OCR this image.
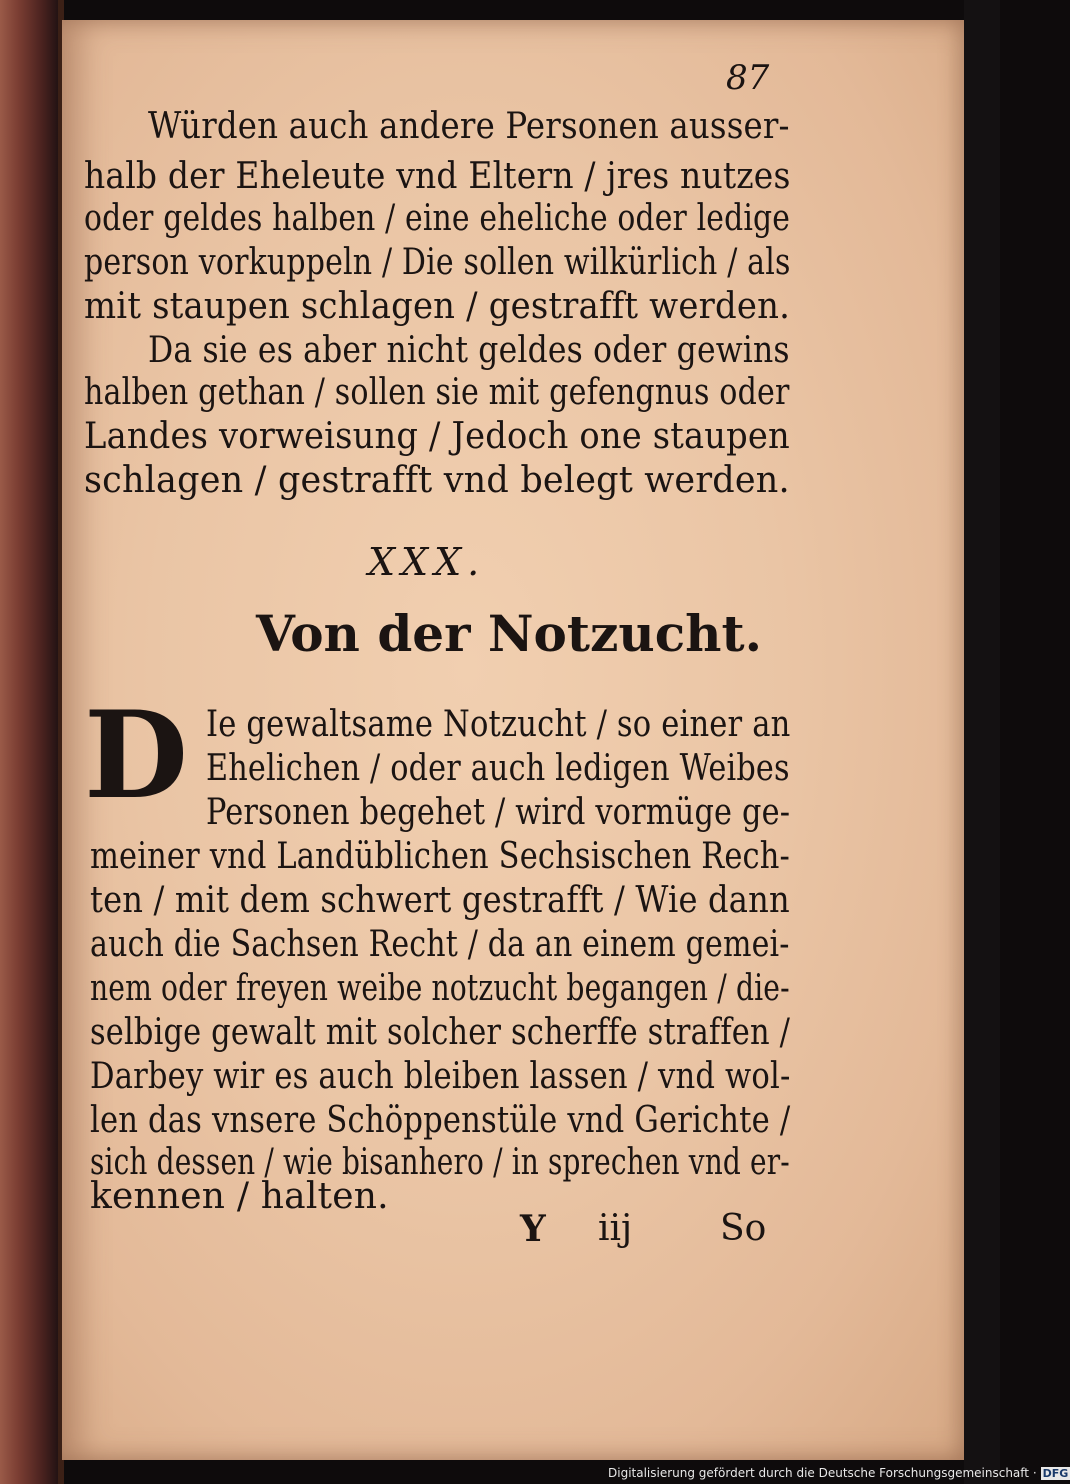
87
Würden auch andere Personen ausser-
halb der Eheleute vnd Eltern / jres nutzes
oder geldes halben / eine eheliche oder ledige
person vorkuppeln / Die sollen wilkürlich / als
mit staupen schlagen / gestrafft werden.
Da sie es aber nicht geldes oder gewins
halben gethan / sollen sie mit gefengnus oder
Landes vorweisung / Jedoch one staupen
schlagen / gestrafft vnd belegt werden.
XXX.
Von der Notzucht.
D Ie gewaltsame Notzucht / so einer an
Ehelichen / oder auch ledigen Weibes
Personen begehet / wird vormüge ge-
meiner vnd Landüblichen Sechsischen Rech-
ten / mit dem schwert gestrafft / Wie dann
auch die Sachsen Recht / da an einem gemei-
nem oder freyen weibe notzucht begangen / die-
selbige gewalt mit solcher scherffe straffen /
Darbey wir es auch bleiben lassen / vnd wol-
len das vnsere Schöppenstüle vnd Gerichte /
sich dessen / wie bisanhero / in sprechen vnd er-
kennen / halten.
Y iij So
Digitalisierung gefördert durch die Deutsche Forschungsgemeinschaft · DFG
